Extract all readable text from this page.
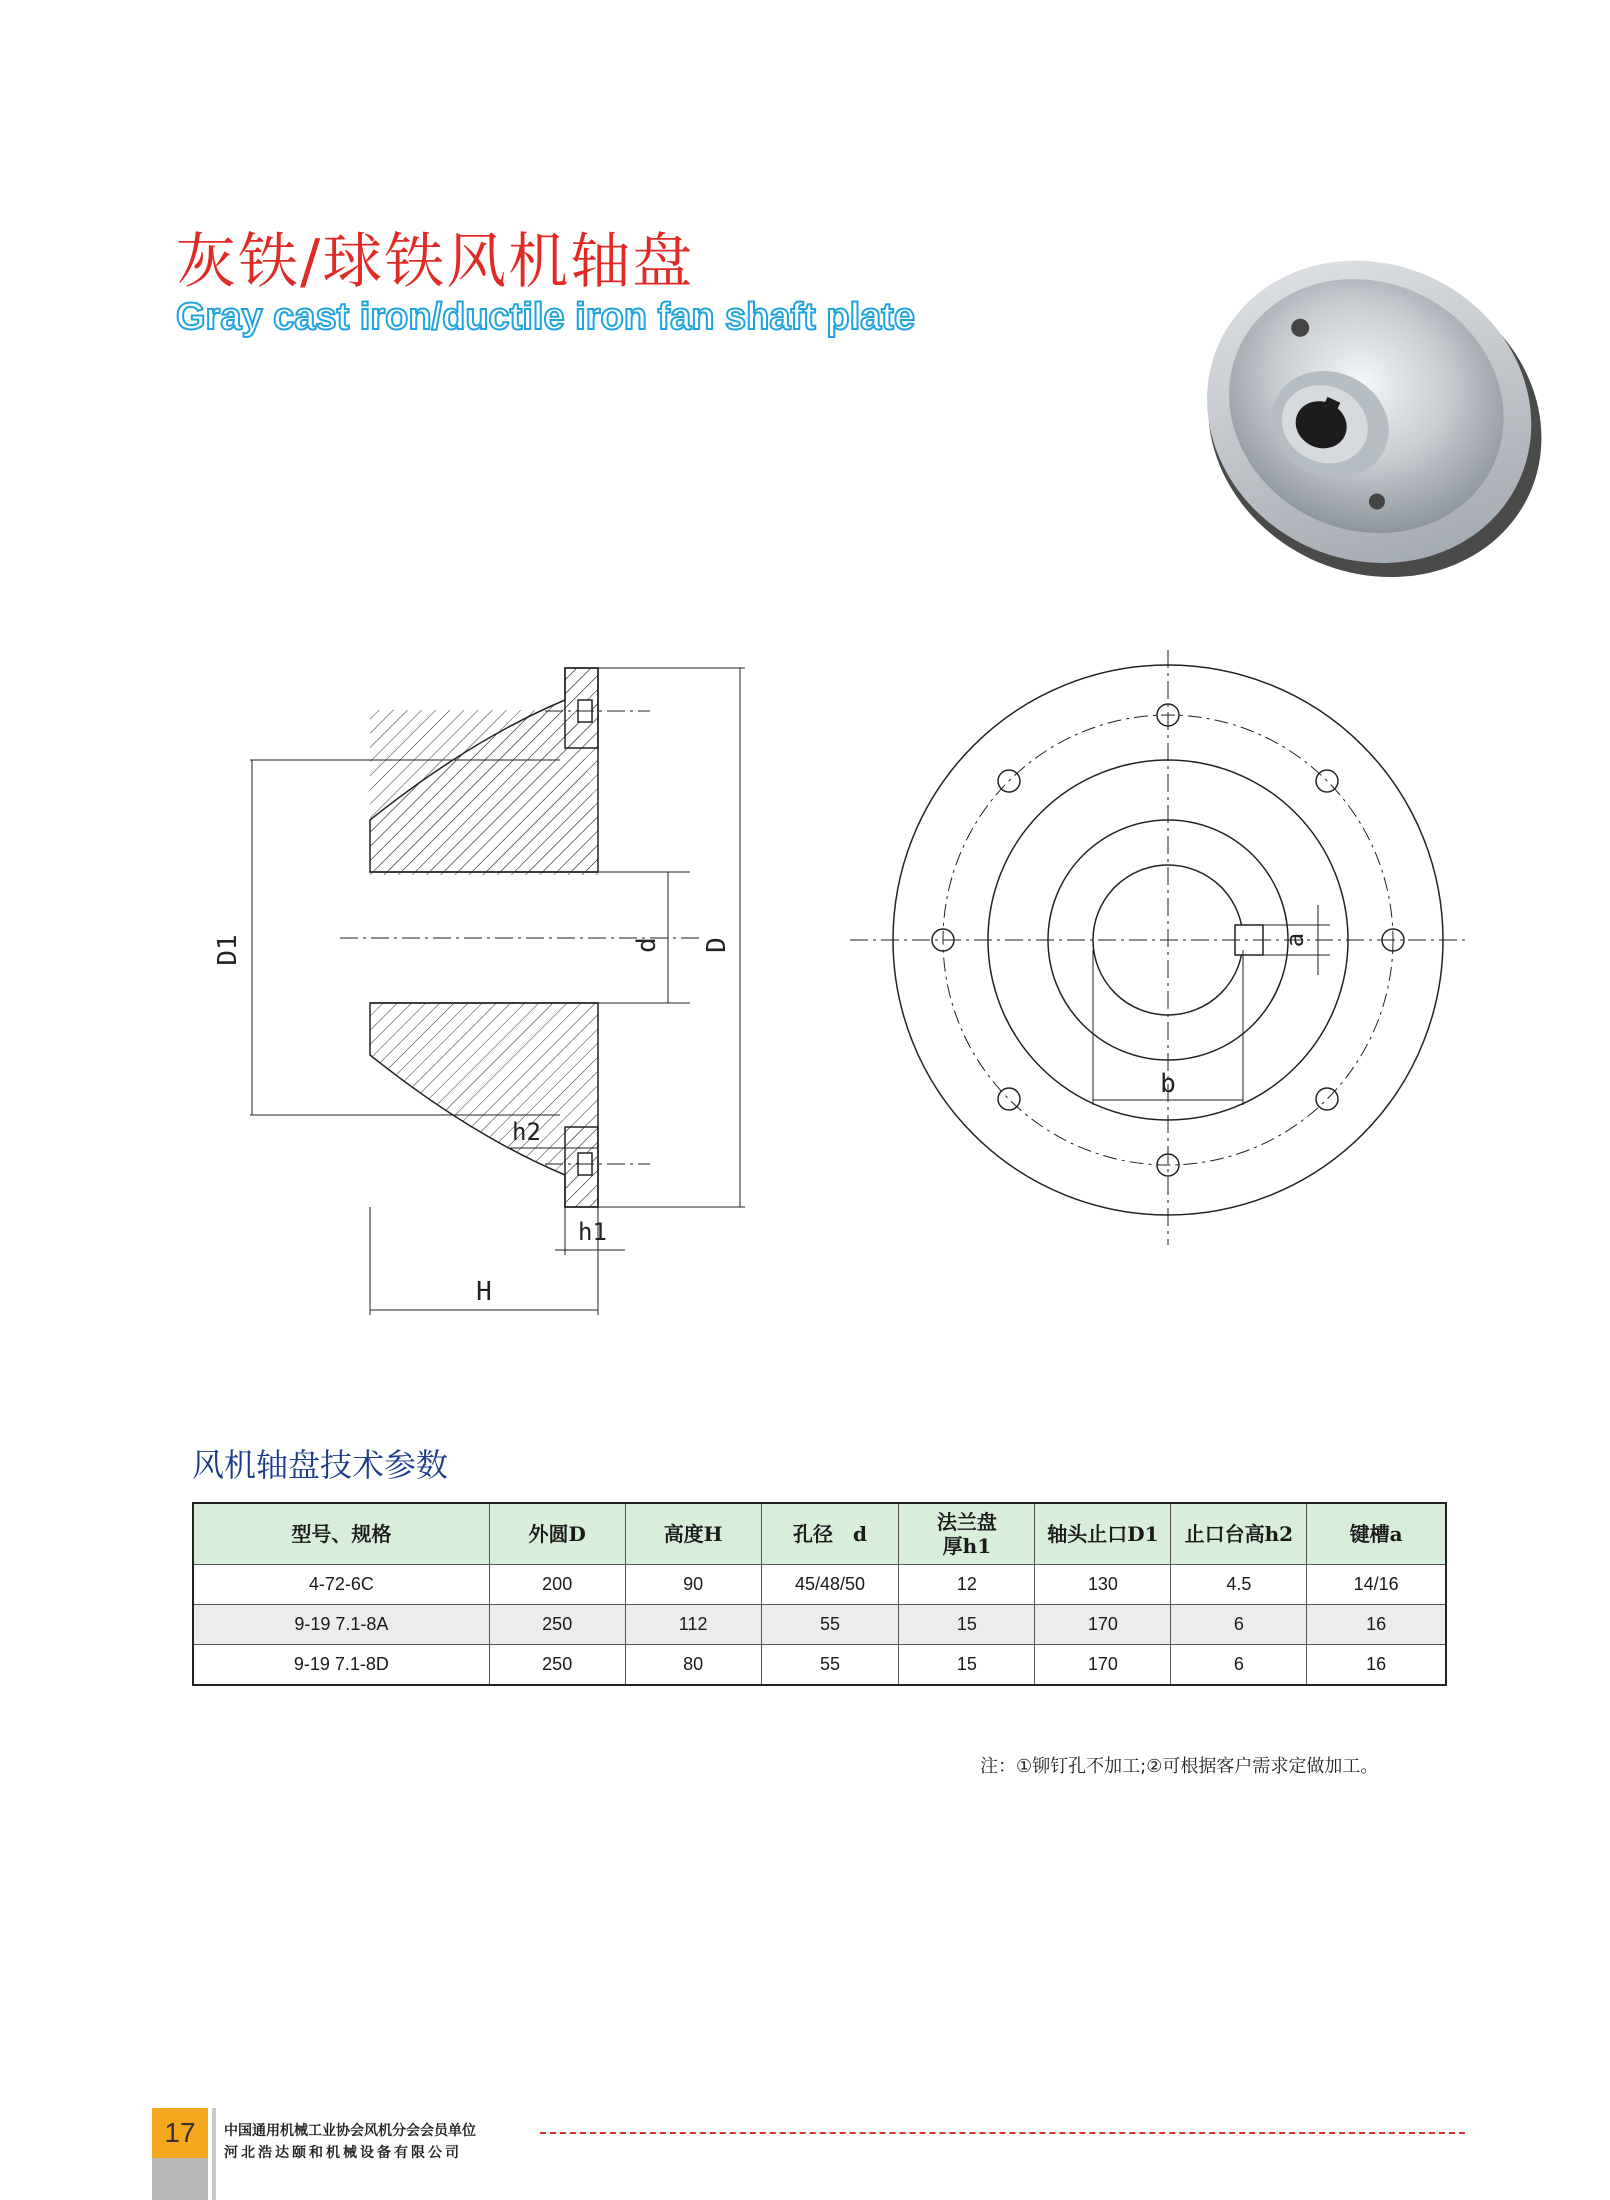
灰铁/球铁风机轴盘
Gray cast iron/ductile iron fan shaft plate
D1	d D
h2
h1
H
b
a
风机轴盘技术参数
型号、规格	外圆D	高度H	孔径　d	法兰盘
厚h1	轴头止口D1	止口台高h2	键槽a
4-72-6C	200	90	45/48/50	12	130	4.5	14/16
9-19 7.1-8A	250	112	55	15	170	6	16
9-19 7.1-8D	250	80	55	15	170	6	16
注：①铆钉孔不加工;②可根据客户需求定做加工。
17	中国通用机械工业协会风机分会会员单位
河北浩达颐和机械设备有限公司
